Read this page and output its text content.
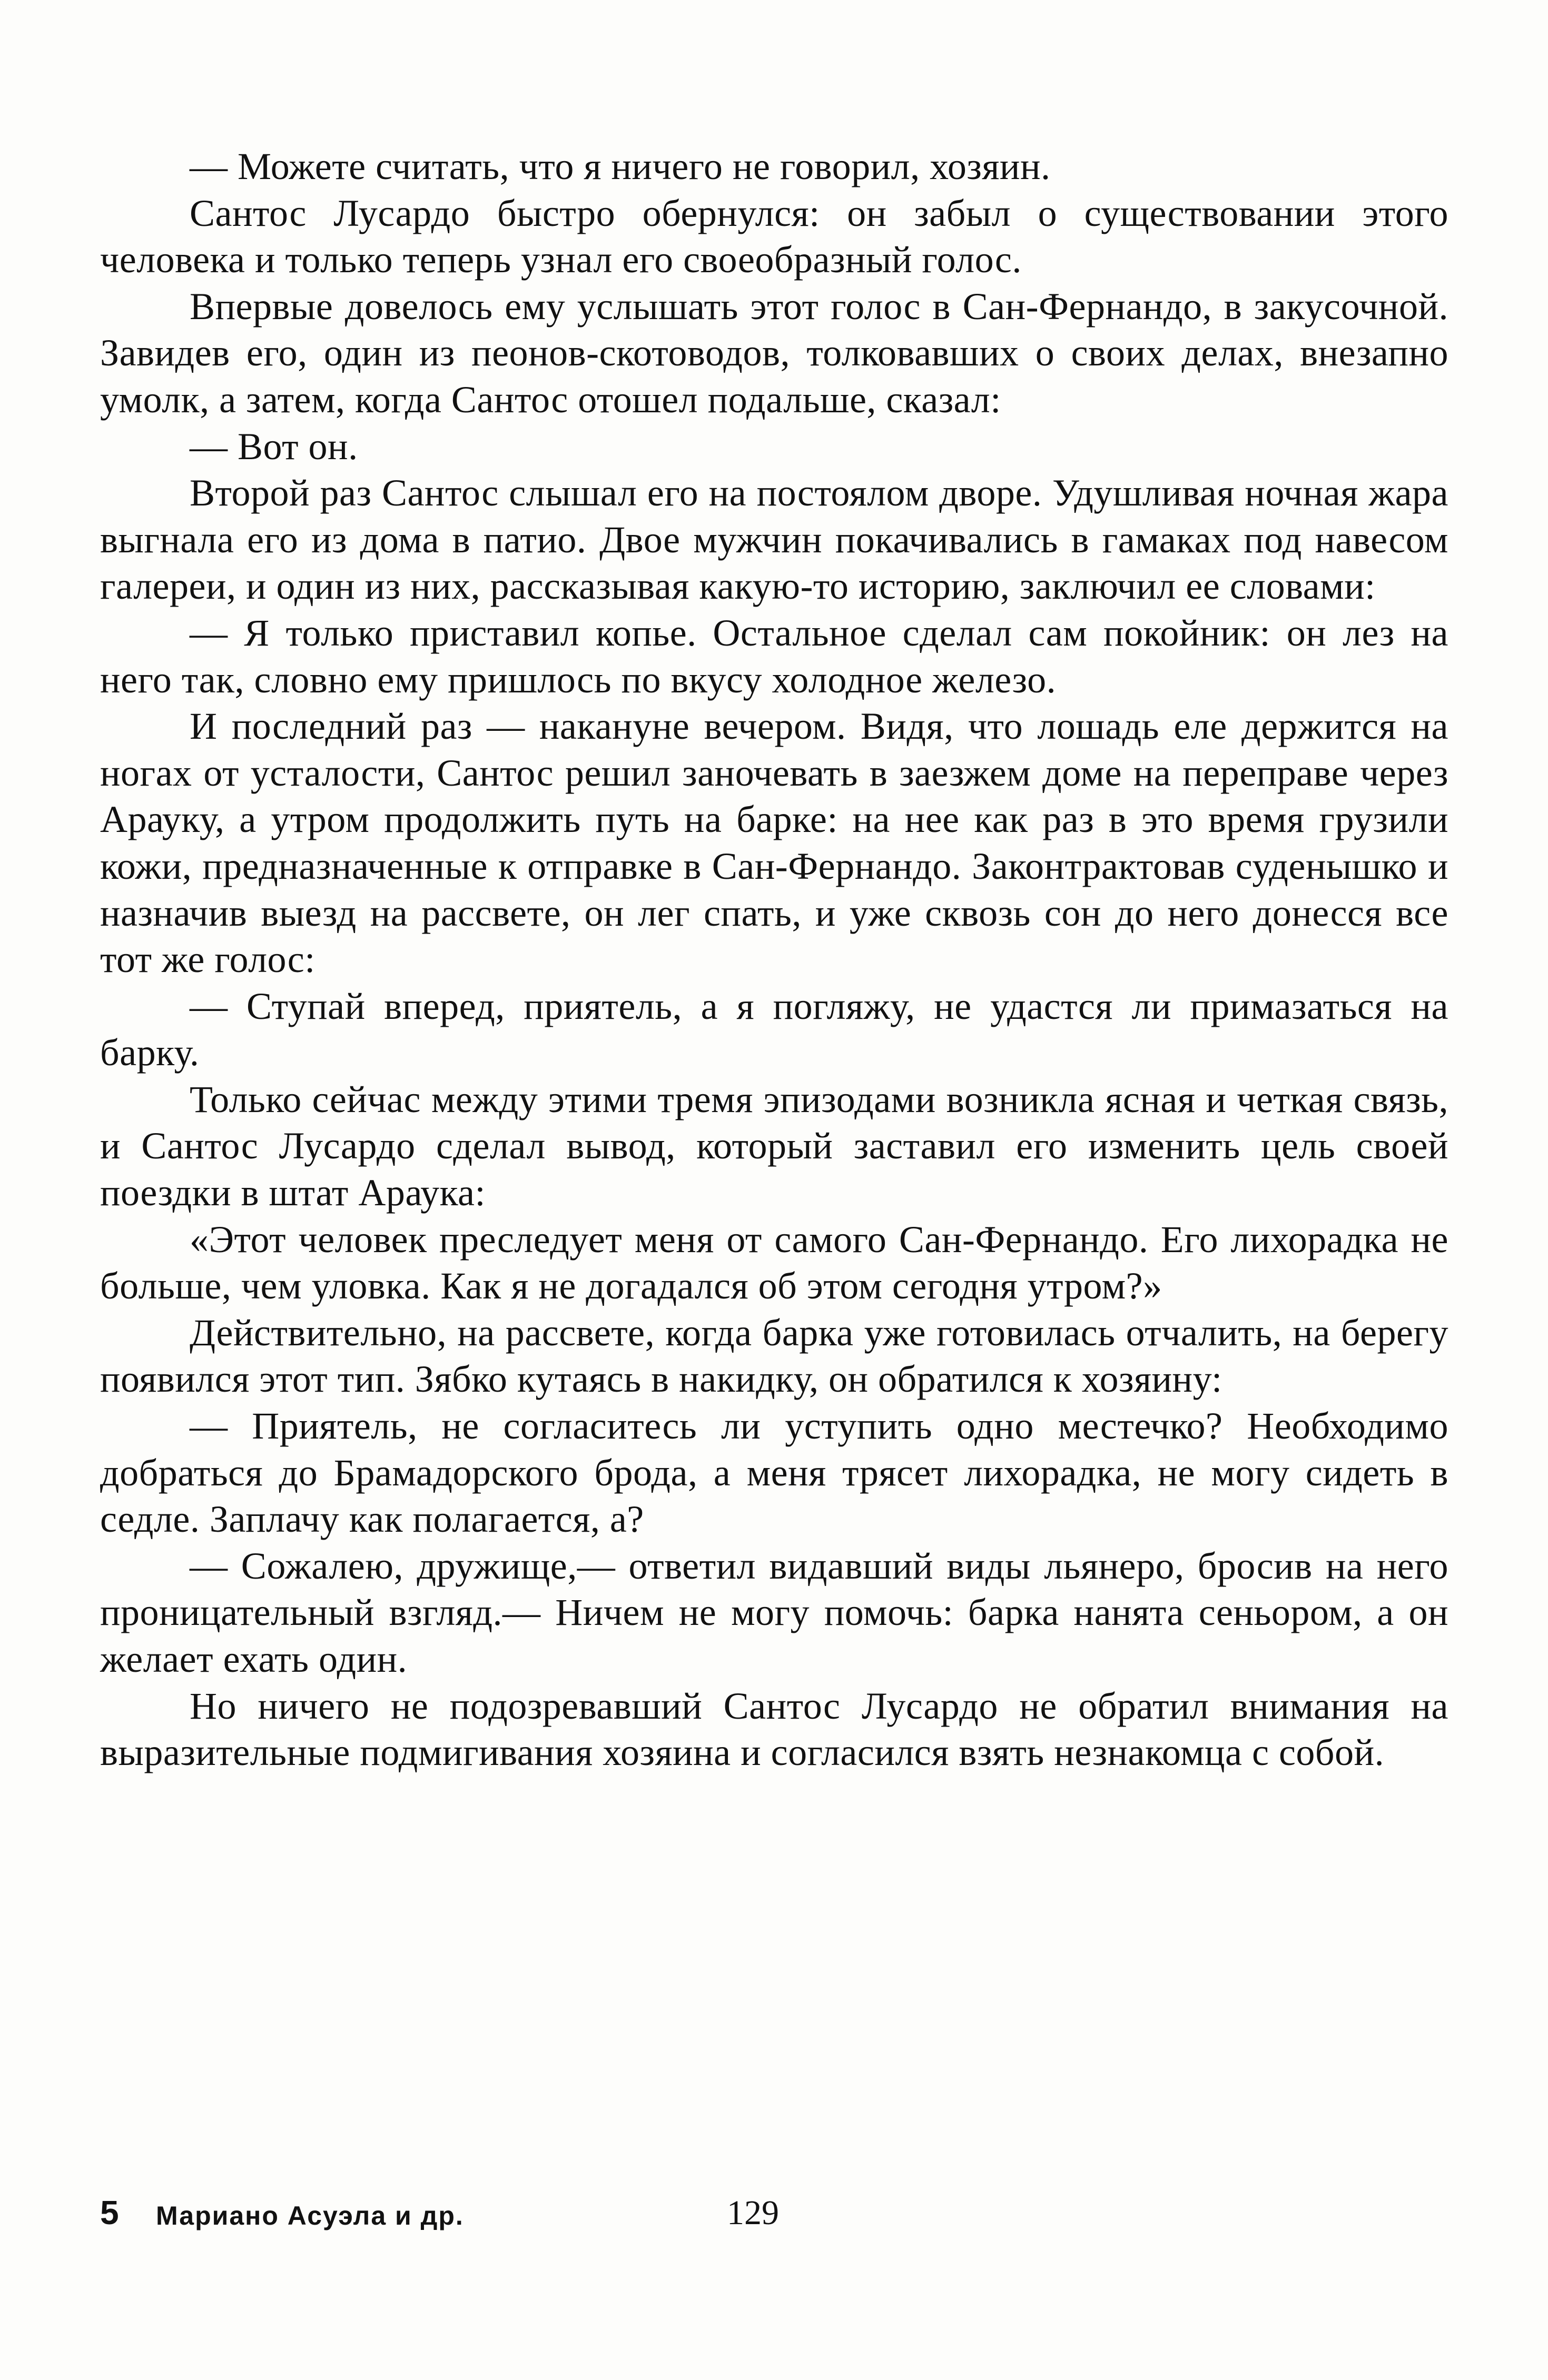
— Можете считать, что я ничего не говорил, хозяин.

Сантос Лусардо быстро обернулся: он забыл о существовании этого человека и только теперь узнал его своеобразный голос.

Впервые довелось ему услышать этот голос в Сан-Фернандо, в закусочной. Завидев его, один из пеонов-скотоводов, толковавших о своих делах, внезапно умолк, а затем, когда Сантос отошел подальше, сказал:

— Вот он.

Второй раз Сантос слышал его на постоялом дворе. Удушливая ночная жара выгнала его из дома в патио. Двое мужчин покачивались в гамаках под навесом галереи, и один из них, рассказывая какую-то историю, заключил ее словами:

— Я только приставил копье. Остальное сделал сам покойник: он лез на него так, словно ему пришлось по вкусу холодное железо.

И последний раз — накануне вечером. Видя, что лошадь еле держится на ногах от усталости, Сантос решил заночевать в заезжем доме на переправе через Арауку, а утром продолжить путь на барке: на нее как раз в это время грузили кожи, предназначенные к отправке в Сан-Фернандо. Законтрактовав суденышко и назначив выезд на рассвете, он лег спать, и уже сквозь сон до него донесся все тот же голос:

— Ступай вперед, приятель, а я погляжу, не удастся ли примазаться на барку.

Только сейчас между этими тремя эпизодами возникла ясная и четкая связь, и Сантос Лусардо сделал вывод, который заставил его изменить цель своей поездки в штат Араука:

«Этот человек преследует меня от самого Сан-Фернандо. Его лихорадка не больше, чем уловка. Как я не догадался об этом сегодня утром?»

Действительно, на рассвете, когда барка уже готовилась отчалить, на берегу появился этот тип. Зябко кутаясь в накидку, он обратился к хозяину:

— Приятель, не согласитесь ли уступить одно местечко? Необходимо добраться до Брамадорского брода, а меня трясет лихорадка, не могу сидеть в седле. Заплачу как полагается, а?

— Сожалею, дружище,— ответил видавший виды льянеро, бросив на него проницательный взгляд.— Ничем не могу помочь: барка нанята сеньором, а он желает ехать один.

Но ничего не подозревавший Сантос Лусардо не обратил внимания на выразительные подмигивания хозяина и согласился взять незнакомца с собой.

5 Мариано Асуэла и др.	129
